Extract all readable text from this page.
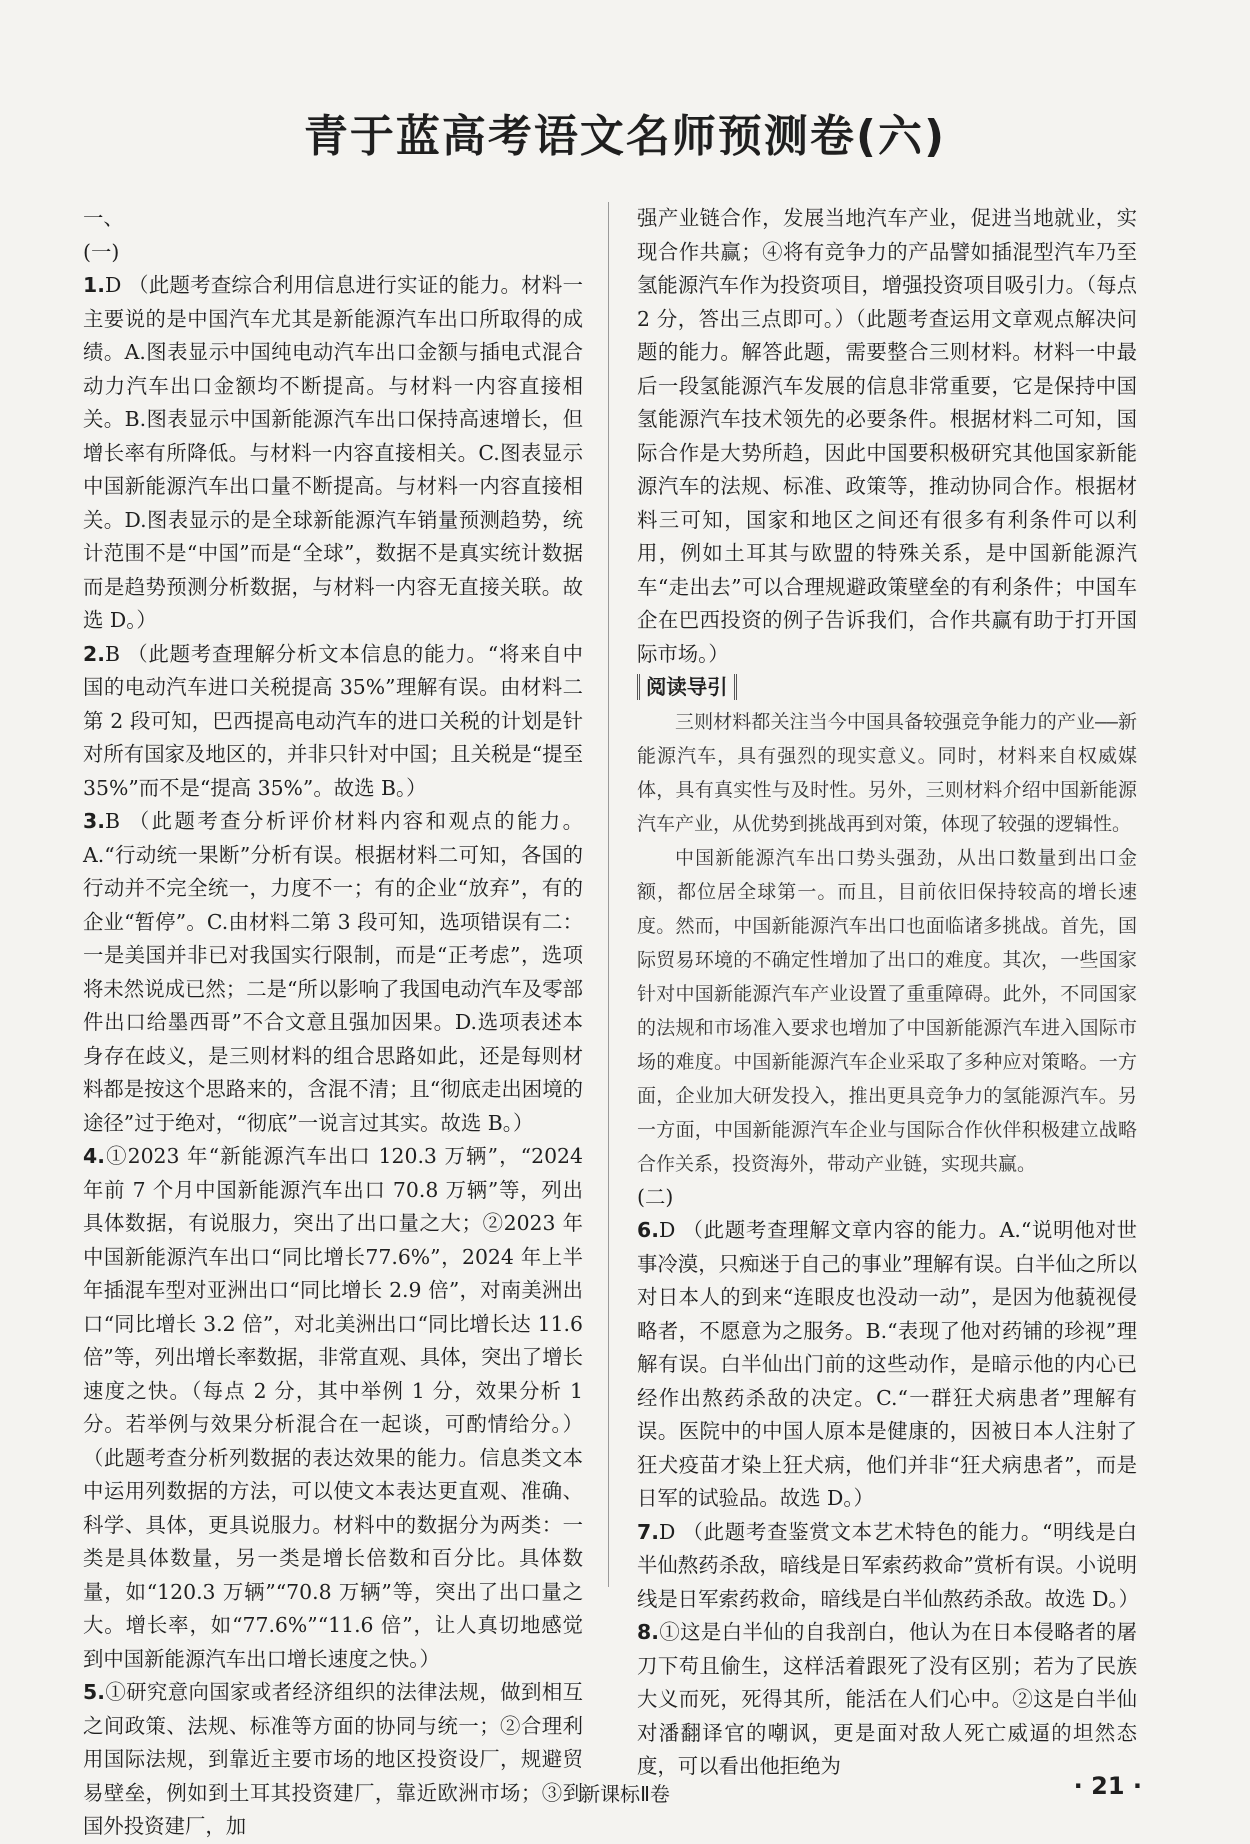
青于蓝高考语文名师预测卷(六)

一、

(一)

1.D （此题考查综合利用信息进行实证的能力。材料一主要说的是中国汽车尤其是新能源汽车出口所取得的成绩。A.图表显示中国纯电动汽车出口金额与插电式混合动力汽车出口金额均不断提高。与材料一内容直接相关。B.图表显示中国新能源汽车出口保持高速增长，但增长率有所降低。与材料一内容直接相关。C.图表显示中国新能源汽车出口量不断提高。与材料一内容直接相关。D.图表显示的是全球新能源汽车销量预测趋势，统计范围不是“中国”而是“全球”，数据不是真实统计数据而是趋势预测分析数据，与材料一内容无直接关联。故选 D。）

2.B （此题考查理解分析文本信息的能力。“将来自中国的电动汽车进口关税提高 35%”理解有误。由材料二第 2 段可知，巴西提高电动汽车的进口关税的计划是针对所有国家及地区的，并非只针对中国；且关税是“提至 35%”而不是“提高 35%”。故选 B。）

3.B （此题考查分析评价材料内容和观点的能力。A.“行动统一果断”分析有误。根据材料二可知，各国的行动并不完全统一，力度不一；有的企业“放弃”，有的企业“暂停”。C.由材料二第 3 段可知，选项错误有二：一是美国并非已对我国实行限制，而是“正考虑”，选项将未然说成已然；二是“所以影响了我国电动汽车及零部件出口给墨西哥”不合文意且强加因果。D.选项表述本身存在歧义，是三则材料的组合思路如此，还是每则材料都是按这个思路来的，含混不清；且“彻底走出困境的途径”过于绝对，“彻底”一说言过其实。故选 B。）

4.①2023 年“新能源汽车出口 120.3 万辆”，“2024 年前 7 个月中国新能源汽车出口 70.8 万辆”等，列出具体数据，有说服力，突出了出口量之大；②2023 年中国新能源汽车出口“同比增长77.6%”，2024 年上半年插混车型对亚洲出口“同比增长 2.9 倍”，对南美洲出口“同比增长 3.2 倍”，对北美洲出口“同比增长达 11.6 倍”等，列出增长率数据，非常直观、具体，突出了增长速度之快。（每点 2 分，其中举例 1 分，效果分析 1 分。若举例与效果分析混合在一起谈，可酌情给分。）（此题考查分析列数据的表达效果的能力。信息类文本中运用列数据的方法，可以使文本表达更直观、准确、科学、具体，更具说服力。材料中的数据分为两类：一类是具体数量，另一类是增长倍数和百分比。具体数量，如“120.3 万辆”“70.8 万辆”等，突出了出口量之大。增长率，如“77.6%”“11.6 倍”，让人真切地感觉到中国新能源汽车出口增长速度之快。）

5.①研究意向国家或者经济组织的法律法规，做到相互之间政策、法规、标准等方面的协同与统一；②合理利用国际法规，到靠近主要市场的地区投资设厂，规避贸易壁垒，例如到土耳其投资建厂，靠近欧洲市场；③到国外投资建厂，加

强产业链合作，发展当地汽车产业，促进当地就业，实现合作共赢；④将有竞争力的产品譬如插混型汽车乃至氢能源汽车作为投资项目，增强投资项目吸引力。（每点 2 分，答出三点即可。）（此题考查运用文章观点解决问题的能力。解答此题，需要整合三则材料。材料一中最后一段氢能源汽车发展的信息非常重要，它是保持中国氢能源汽车技术领先的必要条件。根据材料二可知，国际合作是大势所趋，因此中国要积极研究其他国家新能源汽车的法规、标准、政策等，推动协同合作。根据材料三可知，国家和地区之间还有很多有利条件可以利用，例如土耳其与欧盟的特殊关系，是中国新能源汽车“走出去”可以合理规避政策壁垒的有利条件；中国车企在巴西投资的例子告诉我们，合作共赢有助于打开国际市场。）

阅读导引

三则材料都关注当今中国具备较强竞争能力的产业——新能源汽车，具有强烈的现实意义。同时，材料来自权威媒体，具有真实性与及时性。另外，三则材料介绍中国新能源汽车产业，从优势到挑战再到对策，体现了较强的逻辑性。

中国新能源汽车出口势头强劲，从出口数量到出口金额，都位居全球第一。而且，目前依旧保持较高的增长速度。然而，中国新能源汽车出口也面临诸多挑战。首先，国际贸易环境的不确定性增加了出口的难度。其次，一些国家针对中国新能源汽车产业设置了重重障碍。此外，不同国家的法规和市场准入要求也增加了中国新能源汽车进入国际市场的难度。中国新能源汽车企业采取了多种应对策略。一方面，企业加大研发投入，推出更具竞争力的氢能源汽车。另一方面，中国新能源汽车企业与国际合作伙伴积极建立战略合作关系，投资海外，带动产业链，实现共赢。

(二)

6.D （此题考查理解文章内容的能力。A.“说明他对世事冷漠，只痴迷于自己的事业”理解有误。白半仙之所以对日本人的到来“连眼皮也没动一动”，是因为他藐视侵略者，不愿意为之服务。B.“表现了他对药铺的珍视”理解有误。白半仙出门前的这些动作，是暗示他的内心已经作出熬药杀敌的决定。C.“一群狂犬病患者”理解有误。医院中的中国人原本是健康的，因被日本人注射了狂犬疫苗才染上狂犬病，他们并非“狂犬病患者”，而是日军的试验品。故选 D。）

7.D （此题考查鉴赏文本艺术特色的能力。“明线是白半仙熬药杀敌，暗线是日军索药救命”赏析有误。小说明线是日军索药救命，暗线是白半仙熬药杀敌。故选 D。）

8.①这是白半仙的自我剖白，他认为在日本侵略者的屠刀下苟且偷生，这样活着跟死了没有区别；若为了民族大义而死，死得其所，能活在人们心中。②这是白半仙对潘翻译官的嘲讽，更是面对敌人死亡威逼的坦然态度，可以看出他拒绝为

新课标Ⅱ卷	· 21 ·
